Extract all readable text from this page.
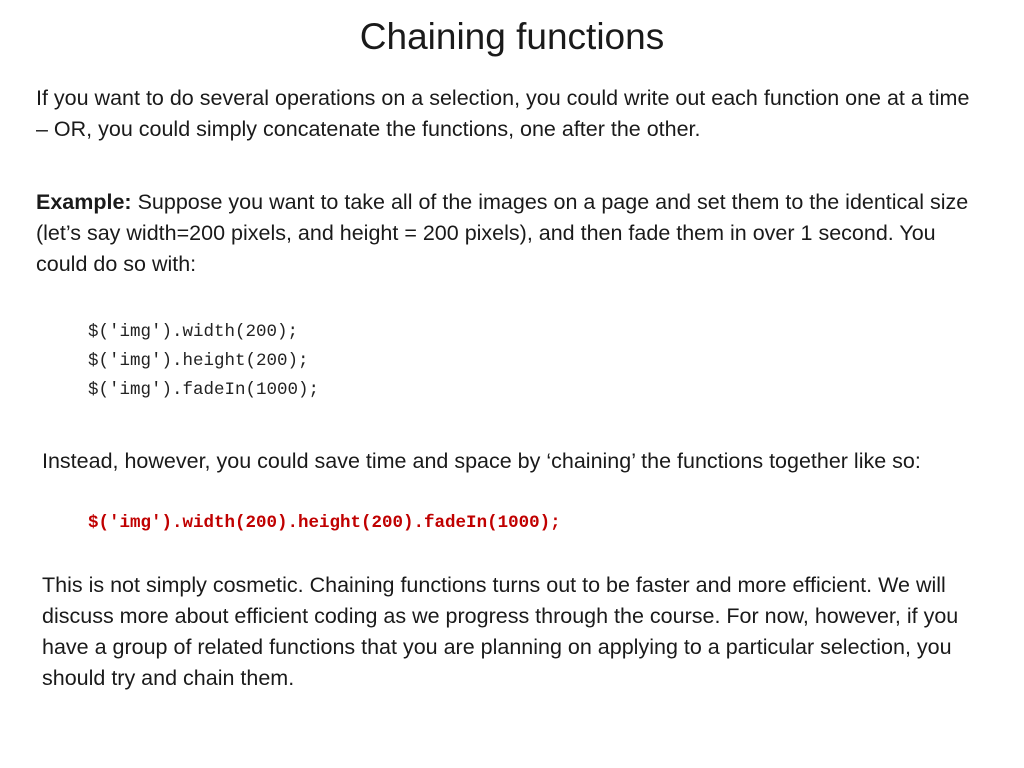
Chaining functions

If you want to do several operations on a selection, you could write out each function one at a time – OR, you could simply concatenate the functions, one after the other.

Example: Suppose you want to take all of the images on a page and set them to the identical size (let’s say width=200 pixels, and height = 200 pixels), and then fade them in over 1 second. You could do so with:

$('img').width(200);
$('img').height(200);
$('img').fadeIn(1000);

Instead, however, you could save time and space by ‘chaining’ the functions together like so:

$('img').width(200).height(200).fadeIn(1000);

This is not simply cosmetic. Chaining functions turns out to be faster and more efficient. We will discuss more about efficient coding as we progress through the course. For now, however, if you have a group of related functions that you are planning on applying to a particular selection, you should try and chain them.
